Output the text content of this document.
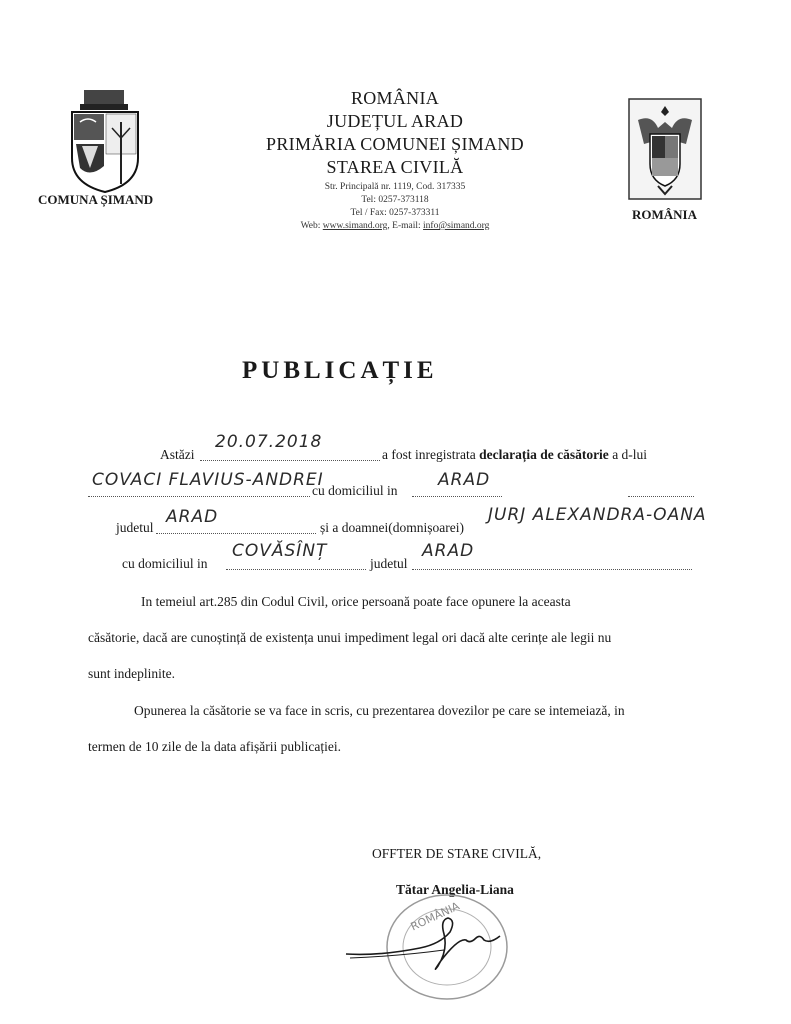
COMUNA ȘIMAND
ROMÂNIA
ROMÂNIA
JUDEȚUL ARAD
PRIMĂRIA COMUNEI ȘIMAND
STAREA CIVILĂ
Str. Principală nr. 1119, Cod. 317335
Tel: 0257-373118
Tel / Fax: 0257-373311
Web: www.simand.org, E-mail: info@simand.org
PUBLICAȚIE
Astăzi
20.07.2018
a fost inregistrata declarația de căsătorie a d-lui
COVACI FLAVIUS-ANDREI
cu domiciliul in
ARAD
judetul
ARAD
și a doamnei(domnișoarei)
JURJ ALEXANDRA-OANA
cu domiciliul in
COVĂSÎNȚ
judetul
ARAD
In temeiul art.285 din Codul Civil, orice persoană poate face opunere la aceasta
căsătorie, dacă are cunoștință de existența unui impediment legal ori dacă alte cerințe ale legii nu
sunt indeplinite.
Opunerea la căsătorie se va face in scris, cu prezentarea dovezilor pe care se intemeiază, in
termen de 10 zile de la data afișării publicației.
OFFTER DE STARE CIVILĂ,
Tătar Angelia-Liana
ROMÂNIA
